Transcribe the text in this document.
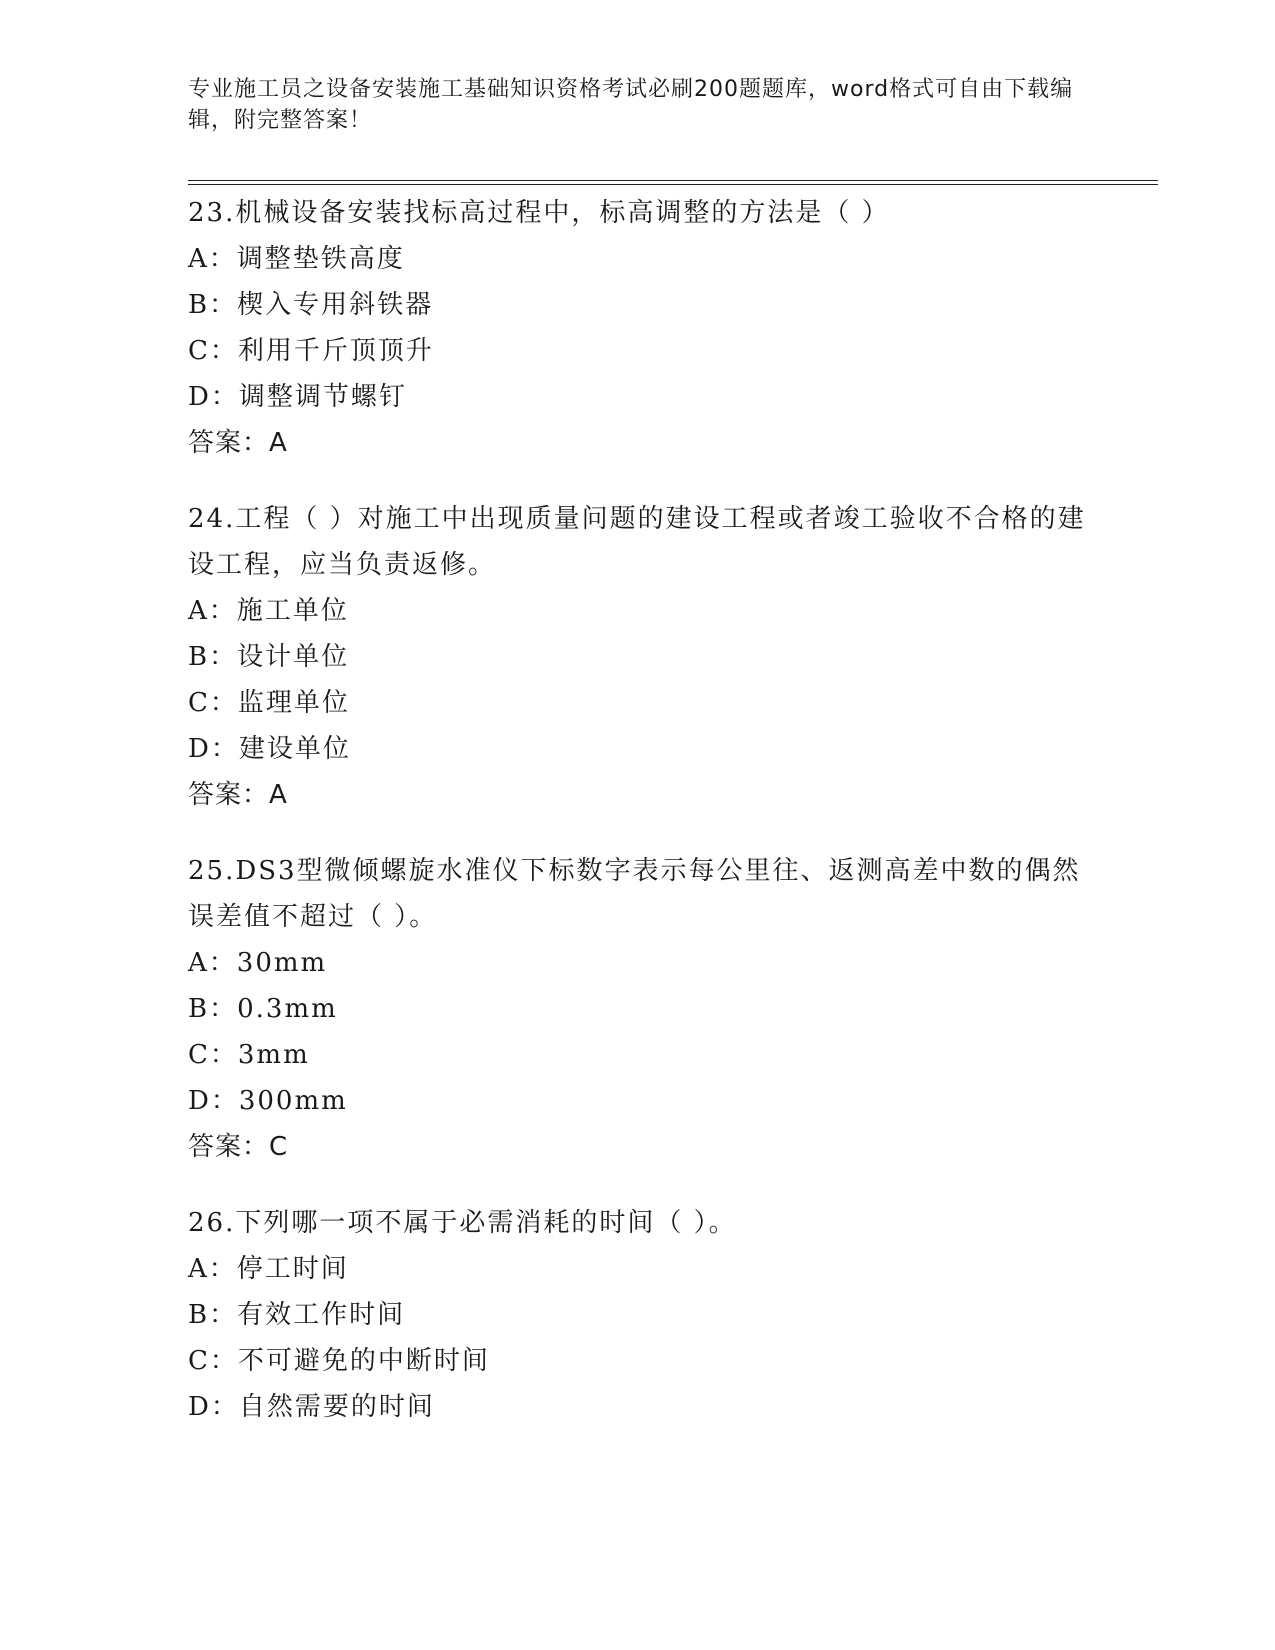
专业施工员之设备安装施工基础知识资格考试必刷200题题库，word格式可自由下载编辑，附完整答案！
23.机械设备安装找标高过程中，标高调整的方法是（ ）
A：调整垫铁高度
B：楔入专用斜铁器
C：利用千斤顶顶升
D：调整调节螺钉
答案：A
24.工程（ ）对施工中出现质量问题的建设工程或者竣工验收不合格的建设工程，应当负责返修。
A：施工单位
B：设计单位
C：监理单位
D：建设单位
答案：A
25.DS3型微倾螺旋水准仪下标数字表示每公里往、返测高差中数的偶然误差值不超过（ ）。
A：30mm
B：0.3mm
C：3mm
D：300mm
答案：C
26.下列哪一项不属于必需消耗的时间（ ）。
A：停工时间
B：有效工作时间
C：不可避免的中断时间
D：自然需要的时间
